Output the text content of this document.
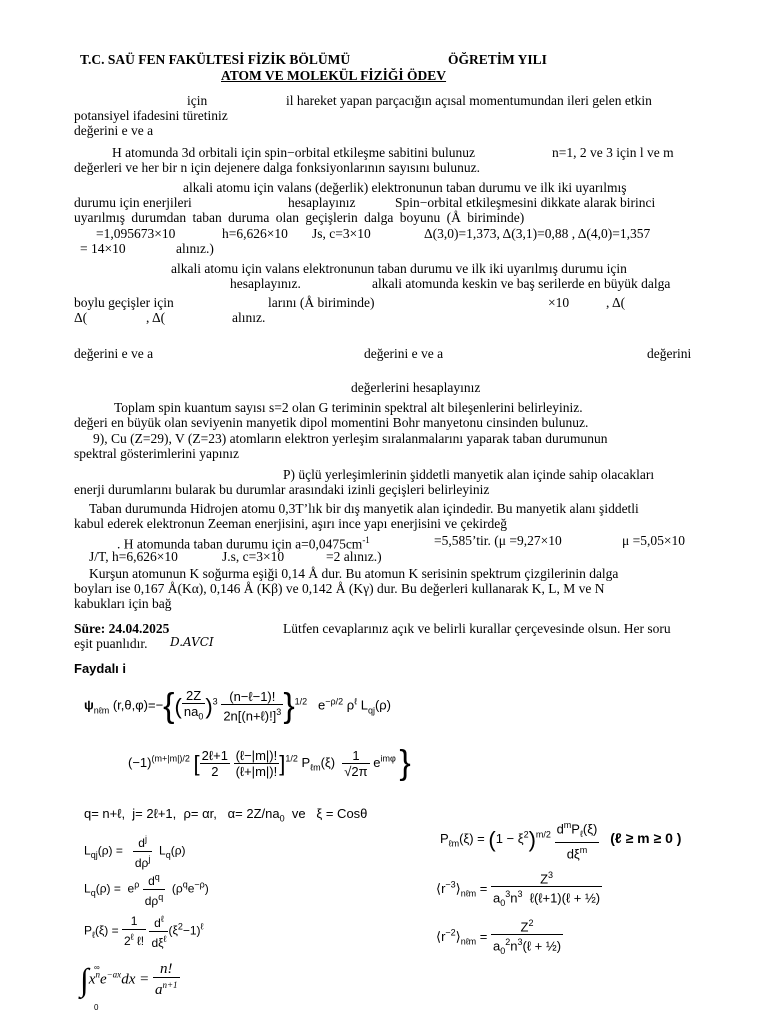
T.C. SAÜ FEN FAKÜLTESİ FİZİK BÖLÜMÜ	ÖĞRETİM YILI
ATOM VE MOLEKÜL FİZİĞİ ÖDEV
için	il hareket yapan parçacığın açısal momentumundan ileri gelen etkin
potansiyel ifadesini türetiniz
değerini e ve a
H atomunda 3d orbitali için spin−orbital etkileşme sabitini bulunuz	n=1, 2 ve 3 için l ve m
değerleri ve her bir n için dejenere dalga fonksiyonlarının sayısını bulunuz.
alkali atomu için valans (değerlik) elektronunun taban durumu ve ilk iki uyarılmış
durumu için enerjileri	hesaplayınız	Spin−orbital etkileşmesini dikkate alarak birinci
uyarılmış durumdan taban duruma olan geçişlerin dalga boyunu (Å biriminde)
=1,095673×10	h=6,626×10 Js, c=3×10	Δ(3,0)=1,373, Δ(3,1)=0,88 , Δ(4,0)=1,357
= 14×10	alınız.)
alkali atomu için valans elektronunun taban durumu ve ilk iki uyarılmış durumu için
hesaplayınız.	alkali atomunda keskin ve baş serilerde en büyük dalga
boylu geçişler için	larını (Å biriminde)	×10	, Δ(
Δ(	, Δ(	alınız.
değerini e ve a	değerini e ve a	değerini
değerlerini hesaplayınız
Toplam spin kuantum sayısı s=2 olan G teriminin spektral alt bileşenlerini belirleyiniz.
değeri en büyük olan seviyenin manyetik dipol momentini Bohr manyetonu cinsinden bulunuz.
9), Cu (Z=29), V (Z=23) atomların elektron yerleşim sıralanmalarını yaparak taban durumunun
spektral gösterimlerini yapınız
P) üçlü yerleşimlerinin şiddetli manyetik alan içinde sahip olacakları
enerji durumlarını bularak bu durumlar arasındaki izinli geçişleri belirleyiniz
Taban durumunda Hidrojen atomu 0,3T’lık bir dış manyetik alan içindedir. Bu manyetik alanı şiddetli
kabul ederek elektronun Zeeman enerjisini, aşırı ince yapı enerjisini ve çekirdeğ
. H atomunda taban durumu için $a=0,0475cm^{-1}$	=5,585’tir. (μ =9,27×10	μ =5,05×10
J/T, h=6,626×10	J.s, c=3×10	=2 alınız.)
Kurşun atomunun K soğurma eşiği 0,14 Å dur. Bu atomun K serisinin spektrum çizgilerinin dalga
boyları ise 0,167 Å(Kα), 0,146 Å (Kβ) ve 0,142 Å (Kγ) dur. Bu değerleri kullanarak K, L, M ve N
kabukları için bağ
Süre: 24.04.2025	Lütfen cevaplarınız açık ve belirli kurallar çerçevesinde olsun. Her soru
eşit puanlıdır. D.AVCI
Faydalı i
$\psi_{n\ell m}$ $(r,\theta,\varphi)=-\{( \frac{2Z}{na_0} )^3 \frac{\text{(n−ℓ−1)!}}{2n[(n+\ell)!]^3} \}^{1/2}$   $e^{-\rho/2}$ $\rho^\ell$ $L_{qj}(\rho)$
$(-1)^{(m+|m|)/2}$ [ $\frac{\text{2ℓ+1}}{2}$
$\frac{\text{(ℓ−|m|)!}}{\text{(ℓ+|m|)!}} ]^{1/2}$ $P_{\ell m}(\xi) \frac{1}{√2\pi} e^{im\varphi}$ }
q= n+ℓ,  j= 2ℓ+1,  ρ= αr,   $\alpha= 2Z/na_0$  ve   ξ = Cosθ
$L_{qj}(\rho) = \frac{d^j}{d\rho^j} L_q(\rho)$
$L_q(\rho) = e^\rho \frac{d^q}{d\rho^q} (\rho^qe^{-\rho})$
$P_\ell(\xi) = \frac{1}{2^\ell \ell!}$
$\frac{d^\ell}{d\xi^\ell} (\xi^2-1)^\ell$
$\int x^ne^{-ax}dx = \frac{n!}{a^{n+1}}$
∞
0
$P_{\ell m}(\xi) = (1 - \xi^2)^{m/2} \frac{d^mP_\ell(\xi)}{d\xi^m}$ (ℓ ≥ m ≥ 0 )
$⟨r^{-3}⟩_{n\ell m} = \frac{Z^3}{a_0^3n^3 \ell(\ell+1)(\ell + \frac{1}{2})}$
$⟨r^{-2}⟩_{n\ell m} = \frac{Z^2}{a_0^2n^3(\ell + \frac{1}{2})}$
